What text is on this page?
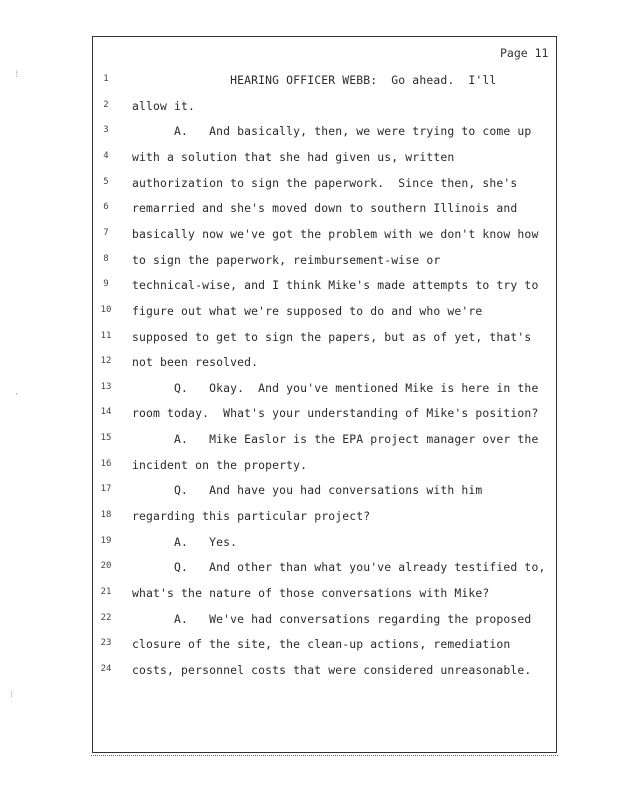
Page 11
⁞
·
⁝
1	HEARING OFFICER WEBB:  Go ahead.  I'll
2	allow it.
3	A.   And basically, then, we were trying to come up
4	with a solution that she had given us, written
5	authorization to sign the paperwork.  Since then, she's
6	remarried and she's moved down to southern Illinois and
7	basically now we've got the problem with we don't know how
8	to sign the paperwork, reimbursement-wise or
9	technical-wise, and I think Mike's made attempts to try to
10	figure out what we're supposed to do and who we're
11	supposed to get to sign the papers, but as of yet, that's
12	not been resolved.
13	Q.   Okay.  And you've mentioned Mike is here in the
14	room today.  What's your understanding of Mike's position?
15	A.   Mike Easlor is the EPA project manager over the
16	incident on the property.
17	Q.   And have you had conversations with him
18	regarding this particular project?
19	A.   Yes.
20	Q.   And other than what you've already testified to,
21	what's the nature of those conversations with Mike?
22	A.   We've had conversations regarding the proposed
23	closure of the site, the clean-up actions, remediation
24	costs, personnel costs that were considered unreasonable.
